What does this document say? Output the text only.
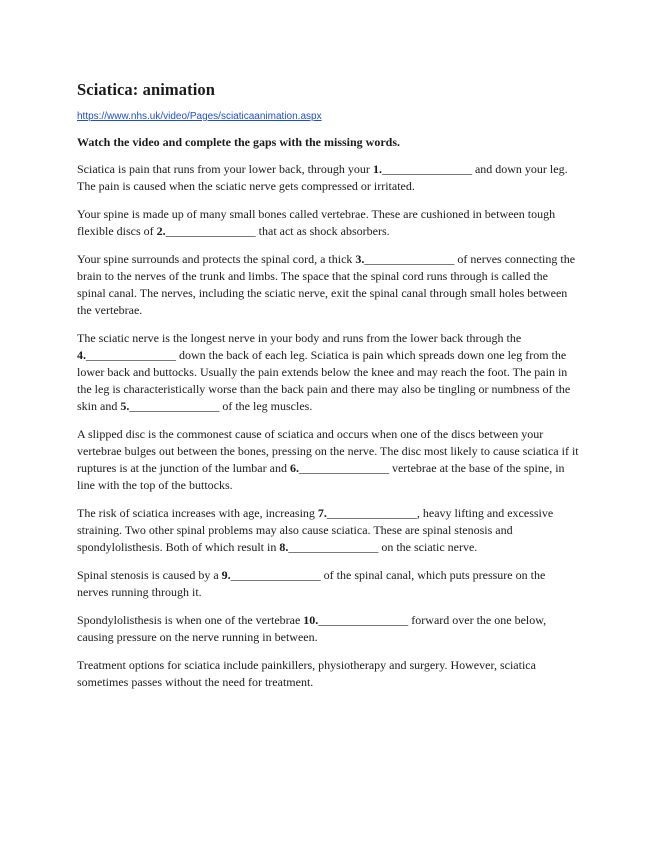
Sciatica: animation
https://www.nhs.uk/video/Pages/sciaticaanimation.aspx

Watch the video and complete the gaps with the missing words.

Sciatica is pain that runs from your lower back, through your 1._______________ and down your leg. The pain is caused when the sciatic nerve gets compressed or irritated.

Your spine is made up of many small bones called vertebrae. These are cushioned in between tough flexible discs of 2._______________ that act as shock absorbers.

Your spine surrounds and protects the spinal cord, a thick 3._______________ of nerves connecting the brain to the nerves of the trunk and limbs. The space that the spinal cord runs through is called the spinal canal. The nerves, including the sciatic nerve, exit the spinal canal through small holes between the vertebrae.

The sciatic nerve is the longest nerve in your body and runs from the lower back through the 4._______________ down the back of each leg. Sciatica is pain which spreads down one leg from the lower back and buttocks. Usually the pain extends below the knee and may reach the foot. The pain in the leg is characteristically worse than the back pain and there may also be tingling or numbness of the skin and 5._______________ of the leg muscles.

A slipped disc is the commonest cause of sciatica and occurs when one of the discs between your vertebrae bulges out between the bones, pressing on the nerve. The disc most likely to cause sciatica if it ruptures is at the junction of the lumbar and 6._______________ vertebrae at the base of the spine, in line with the top of the buttocks.

The risk of sciatica increases with age, increasing 7._______________, heavy lifting and excessive straining. Two other spinal problems may also cause sciatica. These are spinal stenosis and spondylolisthesis. Both of which result in 8._______________ on the sciatic nerve.

Spinal stenosis is caused by a 9._______________ of the spinal canal, which puts pressure on the nerves running through it.

Spondylolisthesis is when one of the vertebrae 10._______________ forward over the one below, causing pressure on the nerve running in between.

Treatment options for sciatica include painkillers, physiotherapy and surgery. However, sciatica sometimes passes without the need for treatment.
